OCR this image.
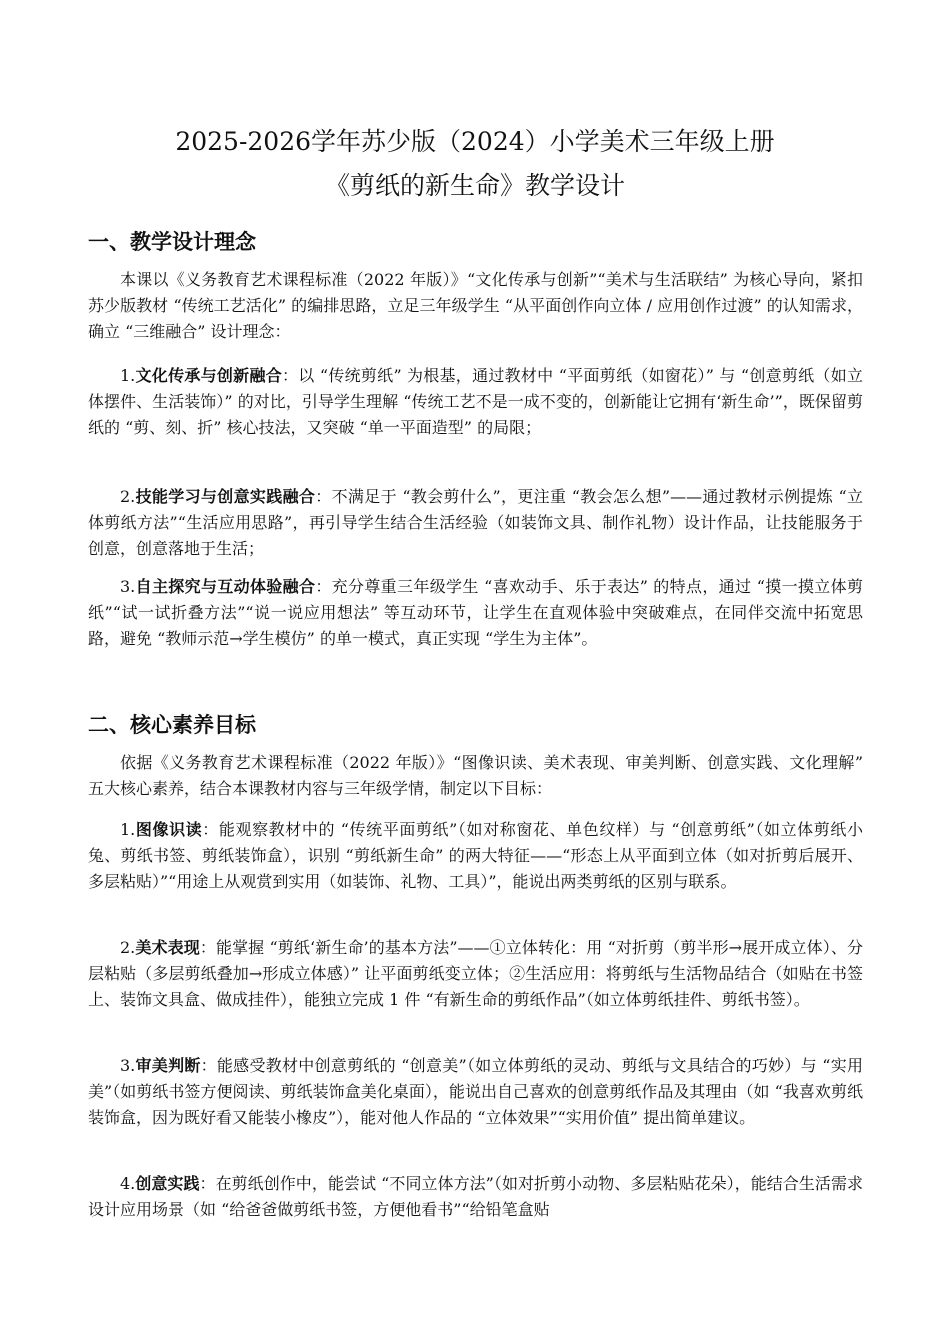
2025-2026学年苏少版（2024）小学美术三年级上册
《剪纸的新生命》教学设计
一、教学设计理念

本课以《义务教育艺术课程标准（2022 年版）》“文化传承与创新”“美术与生活联结” 为核心导向，紧扣苏少版教材 “传统工艺活化” 的编排思路，立足三年级学生 “从平面创作向立体 / 应用创作过渡” 的认知需求，确立 “三维融合” 设计理念：

1.文化传承与创新融合：以 “传统剪纸” 为根基，通过教材中 “平面剪纸（如窗花）” 与 “创意剪纸（如立体摆件、生活装饰）” 的对比，引导学生理解 “传统工艺不是一成不变的，创新能让它拥有‘新生命’”，既保留剪纸的 “剪、刻、折” 核心技法，又突破 “单一平面造型” 的局限；

2.技能学习与创意实践融合：不满足于 “教会剪什么”，更注重 “教会怎么想”——通过教材示例提炼 “立体剪纸方法”“生活应用思路”，再引导学生结合生活经验（如装饰文具、制作礼物）设计作品，让技能服务于创意，创意落地于生活；

3.自主探究与互动体验融合：充分尊重三年级学生 “喜欢动手、乐于表达” 的特点，通过 “摸一摸立体剪纸”“试一试折叠方法”“说一说应用想法” 等互动环节，让学生在直观体验中突破难点，在同伴交流中拓宽思路，避免 “教师示范→学生模仿” 的单一模式，真正实现 “学生为主体”。

二、核心素养目标

依据《义务教育艺术课程标准（2022 年版）》“图像识读、美术表现、审美判断、创意实践、文化理解” 五大核心素养，结合本课教材内容与三年级学情，制定以下目标：

1.图像识读：能观察教材中的 “传统平面剪纸”（如对称窗花、单色纹样）与 “创意剪纸”（如立体剪纸小兔、剪纸书签、剪纸装饰盒），识别 “剪纸新生命” 的两大特征——“形态上从平面到立体（如对折剪后展开、多层粘贴）”“用途上从观赏到实用（如装饰、礼物、工具）”，能说出两类剪纸的区别与联系。

2.美术表现：能掌握 “剪纸‘新生命’的基本方法”——①立体转化：用 “对折剪（剪半形→展开成立体）、分层粘贴（多层剪纸叠加→形成立体感）” 让平面剪纸变立体；②生活应用：将剪纸与生活物品结合（如贴在书签上、装饰文具盒、做成挂件），能独立完成 1 件 “有新生命的剪纸作品”（如立体剪纸挂件、剪纸书签）。

3.审美判断：能感受教材中创意剪纸的 “创意美”（如立体剪纸的灵动、剪纸与文具结合的巧妙）与 “实用美”（如剪纸书签方便阅读、剪纸装饰盒美化桌面），能说出自己喜欢的创意剪纸作品及其理由（如 “我喜欢剪纸装饰盒，因为既好看又能装小橡皮”），能对他人作品的 “立体效果”“实用价值” 提出简单建议。

4.创意实践：在剪纸创作中，能尝试 “不同立体方法”（如对折剪小动物、多层粘贴花朵），能结合生活需求设计应用场景（如 “给爸爸做剪纸书签，方便他看书”“给铅笔盒贴
